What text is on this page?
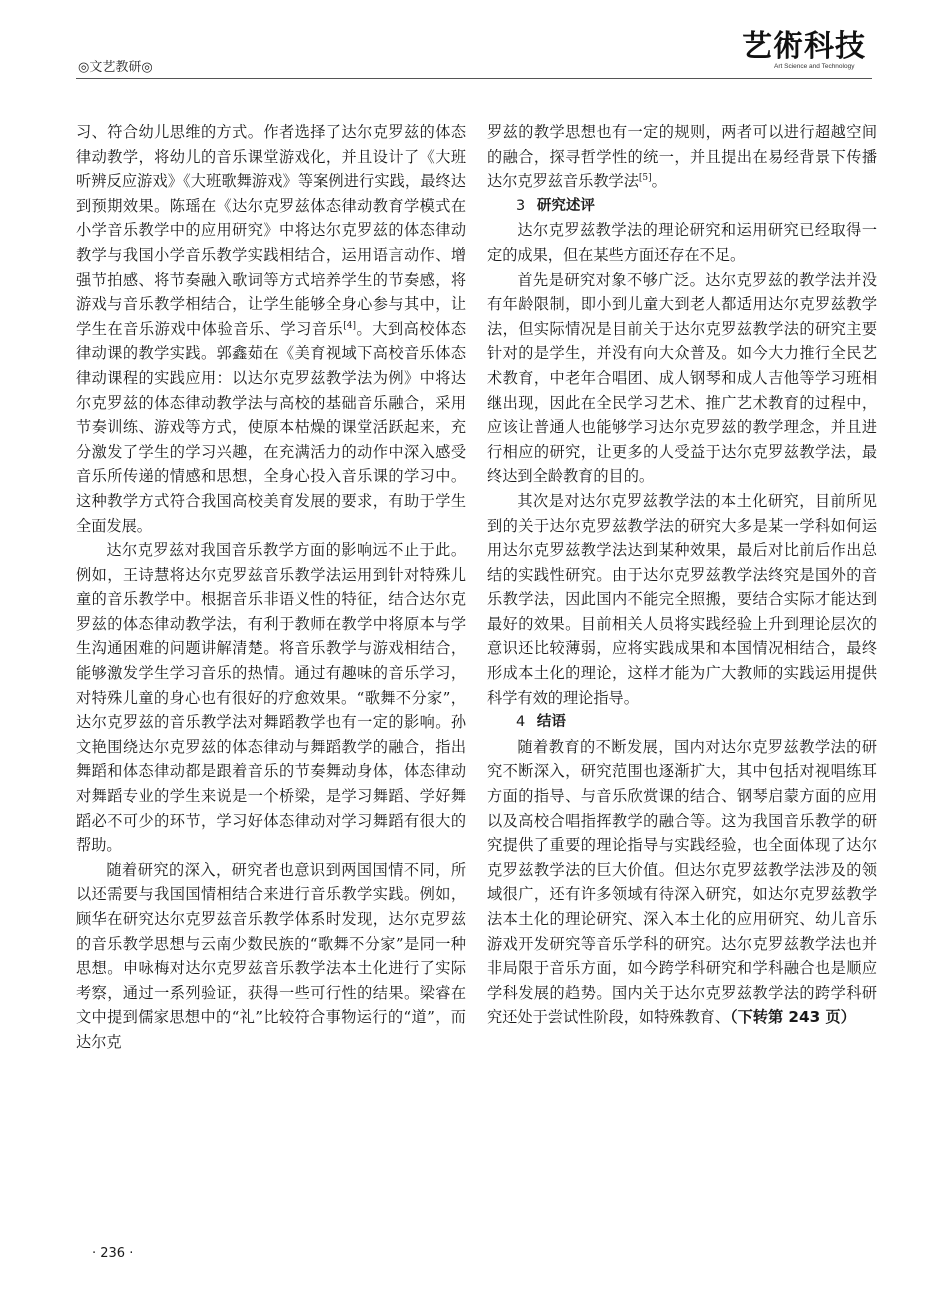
◎文艺教研◎
艺術科技
Art Science and Technology

习、符合幼儿思维的方式。作者选择了达尔克罗兹的体态律动教学，将幼儿的音乐课堂游戏化，并且设计了《大班听辨反应游戏》《大班歌舞游戏》等案例进行实践，最终达到预期效果。陈瑶在《达尔克罗兹体态律动教育学模式在小学音乐教学中的应用研究》中将达尔克罗兹的体态律动教学与我国小学音乐教学实践相结合，运用语言动作、增强节拍感、将节奏融入歌词等方式培养学生的节奏感，将游戏与音乐教学相结合，让学生能够全身心参与其中，让学生在音乐游戏中体验音乐、学习音乐[4]。大到高校体态律动课的教学实践。郭鑫茹在《美育视域下高校音乐体态律动课程的实践应用：以达尔克罗兹教学法为例》中将达尔克罗兹的体态律动教学法与高校的基础音乐融合，采用节奏训练、游戏等方式，使原本枯燥的课堂活跃起来，充分激发了学生的学习兴趣，在充满活力的动作中深入感受音乐所传递的情感和思想，全身心投入音乐课的学习中。这种教学方式符合我国高校美育发展的要求，有助于学生全面发展。

达尔克罗兹对我国音乐教学方面的影响远不止于此。例如，王诗慧将达尔克罗兹音乐教学法运用到针对特殊儿童的音乐教学中。根据音乐非语义性的特征，结合达尔克罗兹的体态律动教学法，有利于教师在教学中将原本与学生沟通困难的问题讲解清楚。将音乐教学与游戏相结合，能够激发学生学习音乐的热情。通过有趣味的音乐学习，对特殊儿童的身心也有很好的疗愈效果。“歌舞不分家”，达尔克罗兹的音乐教学法对舞蹈教学也有一定的影响。孙文艳围绕达尔克罗兹的体态律动与舞蹈教学的融合，指出舞蹈和体态律动都是跟着音乐的节奏舞动身体，体态律动对舞蹈专业的学生来说是一个桥梁，是学习舞蹈、学好舞蹈必不可少的环节，学习好体态律动对学习舞蹈有很大的帮助。

随着研究的深入，研究者也意识到两国国情不同，所以还需要与我国国情相结合来进行音乐教学实践。例如，顾华在研究达尔克罗兹音乐教学体系时发现，达尔克罗兹的音乐教学思想与云南少数民族的“歌舞不分家”是同一种思想。申咏梅对达尔克罗兹音乐教学法本土化进行了实际考察，通过一系列验证，获得一些可行性的结果。梁睿在文中提到儒家思想中的“礼”比较符合事物运行的“道”，而达尔克

罗兹的教学思想也有一定的规则，两者可以进行超越空间的融合，探寻哲学性的统一，并且提出在易经背景下传播达尔克罗兹音乐教学法[5]。

3 研究述评

达尔克罗兹教学法的理论研究和运用研究已经取得一定的成果，但在某些方面还存在不足。

首先是研究对象不够广泛。达尔克罗兹的教学法并没有年龄限制，即小到儿童大到老人都适用达尔克罗兹教学法，但实际情况是目前关于达尔克罗兹教学法的研究主要针对的是学生，并没有向大众普及。如今大力推行全民艺术教育，中老年合唱团、成人钢琴和成人吉他等学习班相继出现，因此在全民学习艺术、推广艺术教育的过程中，应该让普通人也能够学习达尔克罗兹的教学理念，并且进行相应的研究，让更多的人受益于达尔克罗兹教学法，最终达到全龄教育的目的。

其次是对达尔克罗兹教学法的本土化研究，目前所见到的关于达尔克罗兹教学法的研究大多是某一学科如何运用达尔克罗兹教学法达到某种效果，最后对比前后作出总结的实践性研究。由于达尔克罗兹教学法终究是国外的音乐教学法，因此国内不能完全照搬，要结合实际才能达到最好的效果。目前相关人员将实践经验上升到理论层次的意识还比较薄弱，应将实践成果和本国情况相结合，最终形成本土化的理论，这样才能为广大教师的实践运用提供科学有效的理论指导。

4 结语

随着教育的不断发展，国内对达尔克罗兹教学法的研究不断深入，研究范围也逐渐扩大，其中包括对视唱练耳方面的指导、与音乐欣赏课的结合、钢琴启蒙方面的应用以及高校合唱指挥教学的融合等。这为我国音乐教学的研究提供了重要的理论指导与实践经验，也全面体现了达尔克罗兹教学法的巨大价值。但达尔克罗兹教学法涉及的领域很广，还有许多领域有待深入研究，如达尔克罗兹教学法本土化的理论研究、深入本土化的应用研究、幼儿音乐游戏开发研究等音乐学科的研究。达尔克罗兹教学法也并非局限于音乐方面，如今跨学科研究和学科融合也是顺应学科发展的趋势。国内关于达尔克罗兹教学法的跨学科研究还处于尝试性阶段，如特殊教育、（下转第 243 页）

· 236 ·
